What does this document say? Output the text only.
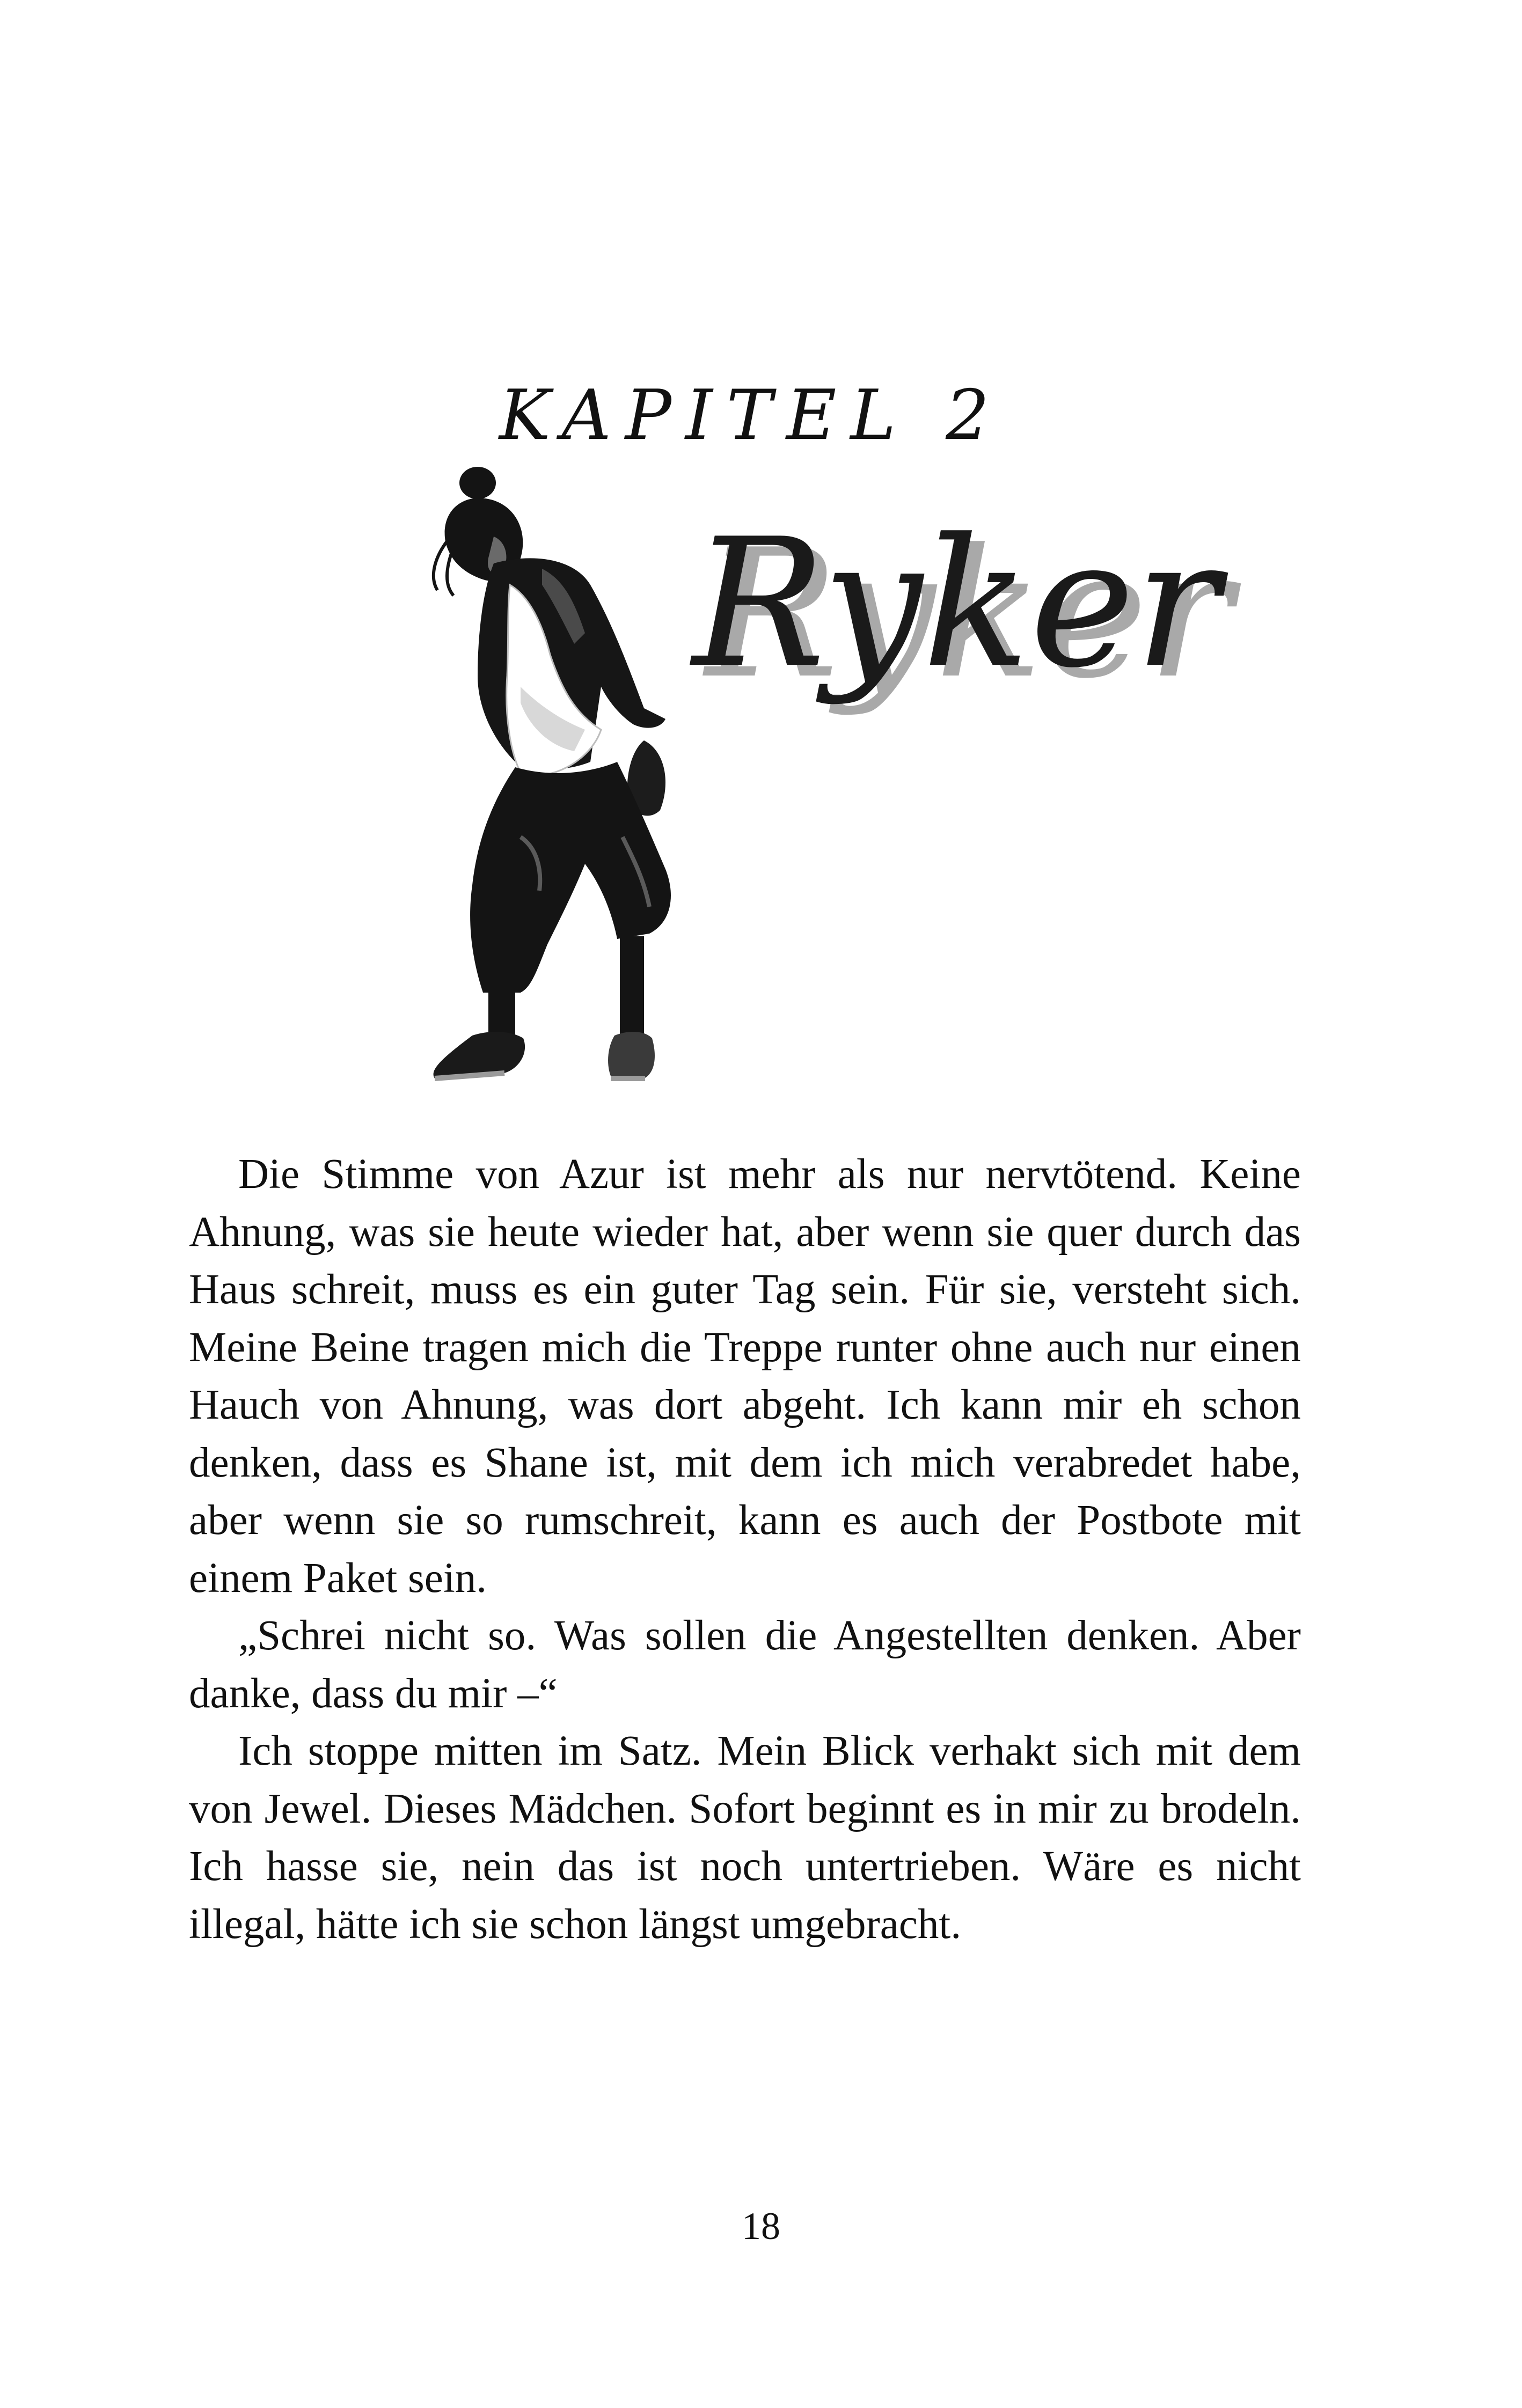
KAPITEL 2
Ryker

Die Stimme von Azur ist mehr als nur nervtötend. Keine Ahnung, was sie heute wieder hat, aber wenn sie quer durch das Haus schreit, muss es ein guter Tag sein. Für sie, versteht sich. Meine Beine tragen mich die Treppe runter ohne auch nur einen Hauch von Ahnung, was dort abgeht. Ich kann mir eh schon denken, dass es Shane ist, mit dem ich mich verabredet habe, aber wenn sie so rumschreit, kann es auch der Postbote mit einem Paket sein.

„Schrei nicht so. Was sollen die Angestellten denken. Aber danke, dass du mir –“

Ich stoppe mitten im Satz. Mein Blick verhakt sich mit dem von Jewel. Dieses Mädchen. Sofort beginnt es in mir zu brodeln. Ich hasse sie, nein das ist noch untertrieben. Wäre es nicht illegal, hätte ich sie schon längst umgebracht.

18
